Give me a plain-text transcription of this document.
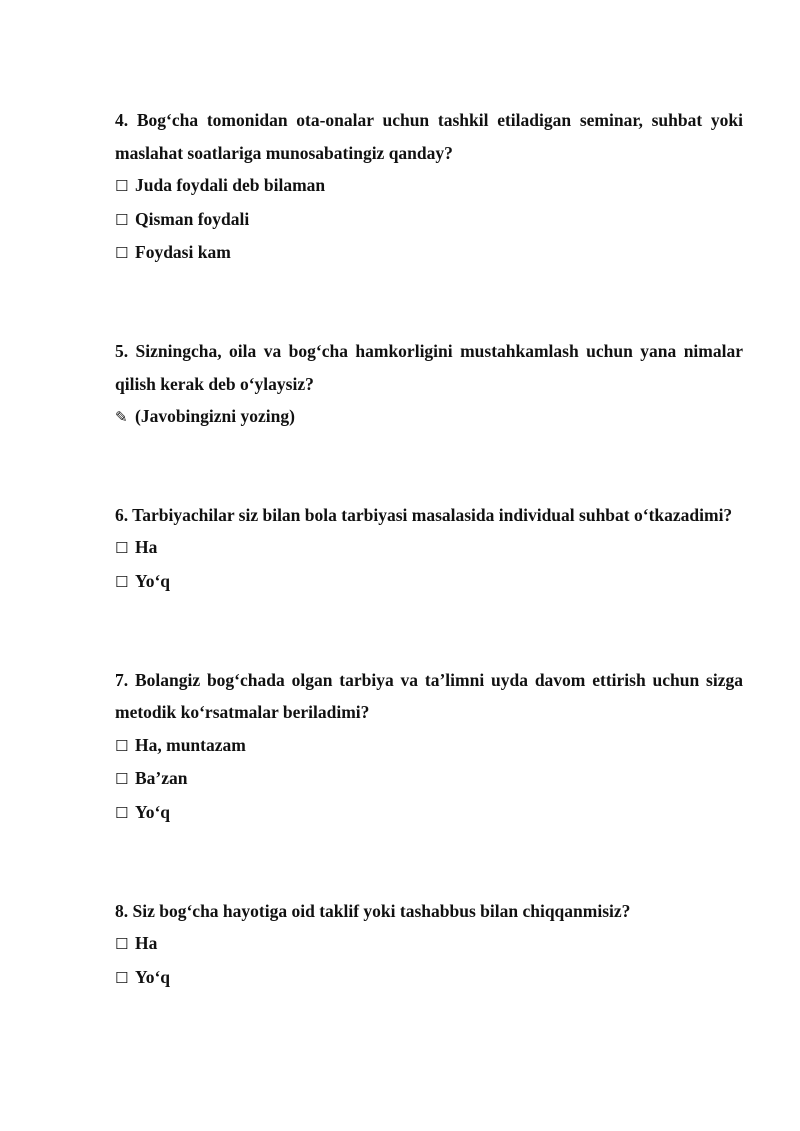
4. Bog‘cha tomonidan ota-onalar uchun tashkil etiladigan seminar, suhbat yoki maslahat soatlariga munosabatingiz qanday?

☐ Juda foydali deb bilaman

☐ Qisman foydali

☐ Foydasi kam

5. Sizningcha, oila va bog‘cha hamkorligini mustahkamlash uchun yana nimalar qilish kerak deb o‘ylaysiz?

✎ (Javobingizni yozing)

6. Tarbiyachilar siz bilan bola tarbiyasi masalasida individual suhbat o‘tkazadimi?

☐ Ha

☐ Yo‘q

7. Bolangiz bog‘chada olgan tarbiya va ta’limni uyda davom ettirish uchun sizga metodik ko‘rsatmalar beriladimi?

☐ Ha, muntazam

☐ Ba’zan

☐ Yo‘q

8. Siz bog‘cha hayotiga oid taklif yoki tashabbus bilan chiqqanmisiz?

☐ Ha

☐ Yo‘q
